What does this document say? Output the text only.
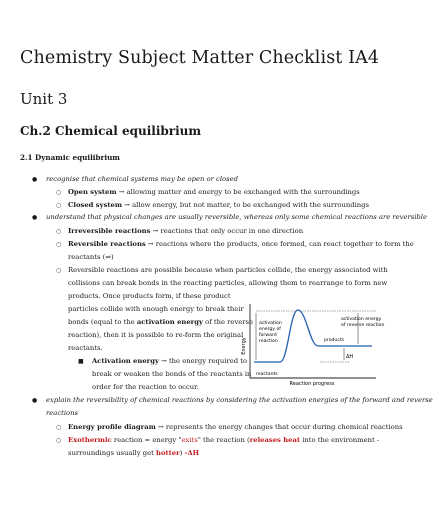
Chemistry Subject Matter Checklist IA4
Unit 3
Ch.2 Chemical equilibrium
2.1 Dynamic equilibrium
●
recognise that chemical systems may be open or closed
○
Open system → allowing matter and energy to be exchanged with the surroundings
○
Closed system → allow energy, but not matter, to be exchanged with the surroundings
●
understand that physical changes are usually reversible, whereas only some chemical reactions are reversible
○
Irreversible reactions → reactions that only occur in one direction
○
Reversible reactions → reactions where the products, once formed, can react together to form the
reactants (⇌)
○
Reversible reactions are possible because when particles collide, the energy associated with
collisions can break bonds in the reacting particles, allowing them to rearrange to form new
products. Once products form, if these product
particles collide with enough energy to break their
bonds (equal to the activation energy of the reverse
reaction), then it is possible to re-form the original
reactants.
■
Activation energy → the energy required to
break or weaken the bonds of the reactants in
order for the reaction to occur.
Energy
Reaction progress
activation energy of forward reaction
reactants
products
ΔH
activation energy of reverse reaction
●
explain the reversibility of chemical reactions by considering the activation energies of the forward and reverse
reactions
○
Energy profile diagram → represents the energy changes that occur during chemical reactions
○
Exothermic reaction = energy "exits" the reaction (releases heat into the environment -
surroundings usually get hotter) -ΔH
